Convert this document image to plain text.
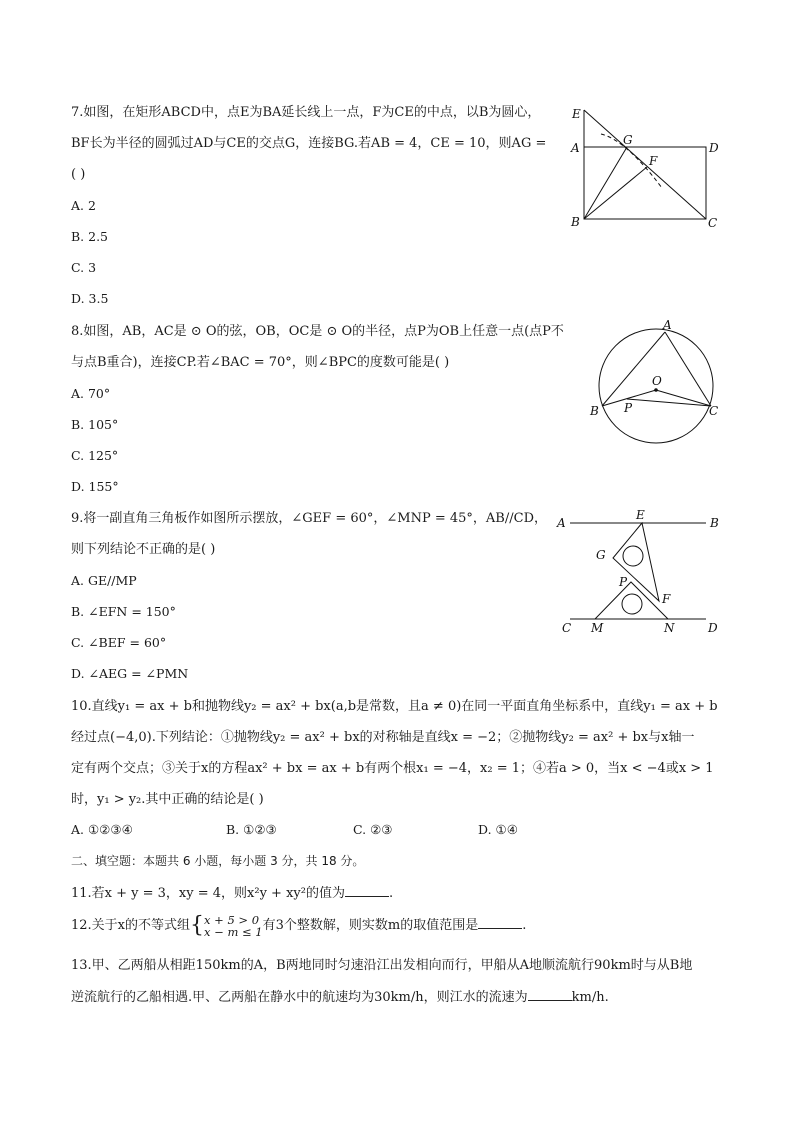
7.如图，在矩形ABCD中，点E为BA延长线上一点，F为CE的中点，以B为圆心，
BF长为半径的圆弧过AD与CE的交点G，连接BG.若AB = 4，CE = 10，则AG =
( )
A. 2
B. 2.5
C. 3
D. 3.5
E
G
D
A
F
B	C
8.如图，AB，AC是 ⊙ O的弦，OB，OC是 ⊙ O的半径，点P为OB上任意一点(点P不
与点B重合)，连接CP.若∠BAC = 70°，则∠BPC的度数可能是( )
A. 70°
B. 105°
C. 125°
D. 155°
A
O
B P	C
9.将一副直角三角板作如图所示摆放，∠GEF = 60°，∠MNP = 45°，AB//CD，
则下列结论不正确的是( )
A. GE//MP
B. ∠EFN = 150°
C. ∠BEF = 60°
D. ∠AEG = ∠PMN
A
E
B
G
P
F
C M	N	D
10.直线y₁ = ax + b和抛物线y₂ = ax² + bx(a,b是常数，且a ≠ 0)在同一平面直角坐标系中，直线y₁ = ax + b
经过点(−4,0).下列结论：①抛物线y₂ = ax² + bx的对称轴是直线x = −2；②抛物线y₂ = ax² + bx与x轴一
定有两个交点；③关于x的方程ax² + bx = ax + b有两个根x₁ = −4，x₂ = 1；④若a > 0，当x < −4或x > 1
时，y₁ > y₂.其中正确的结论是( )
A. ①②③④	B. ①②③	C. ②③	D. ①④
二、填空题：本题共 6 小题，每小题 3 分，共 18 分。
11.若x + y = 3，xy = 4，则x²y + xy²的值为	.
12.关于x的不等式组{x + 5 > 0
x − m ≤ 1有3个整数解，则实数m的取值范围是	.
13.甲、乙两船从相距150km的A，B两地同时匀速沿江出发相向而行，甲船从A地顺流航行90km时与从B地
逆流航行的乙船相遇.甲、乙两船在静水中的航速均为30km/h，则江水的流速为	km/h.
